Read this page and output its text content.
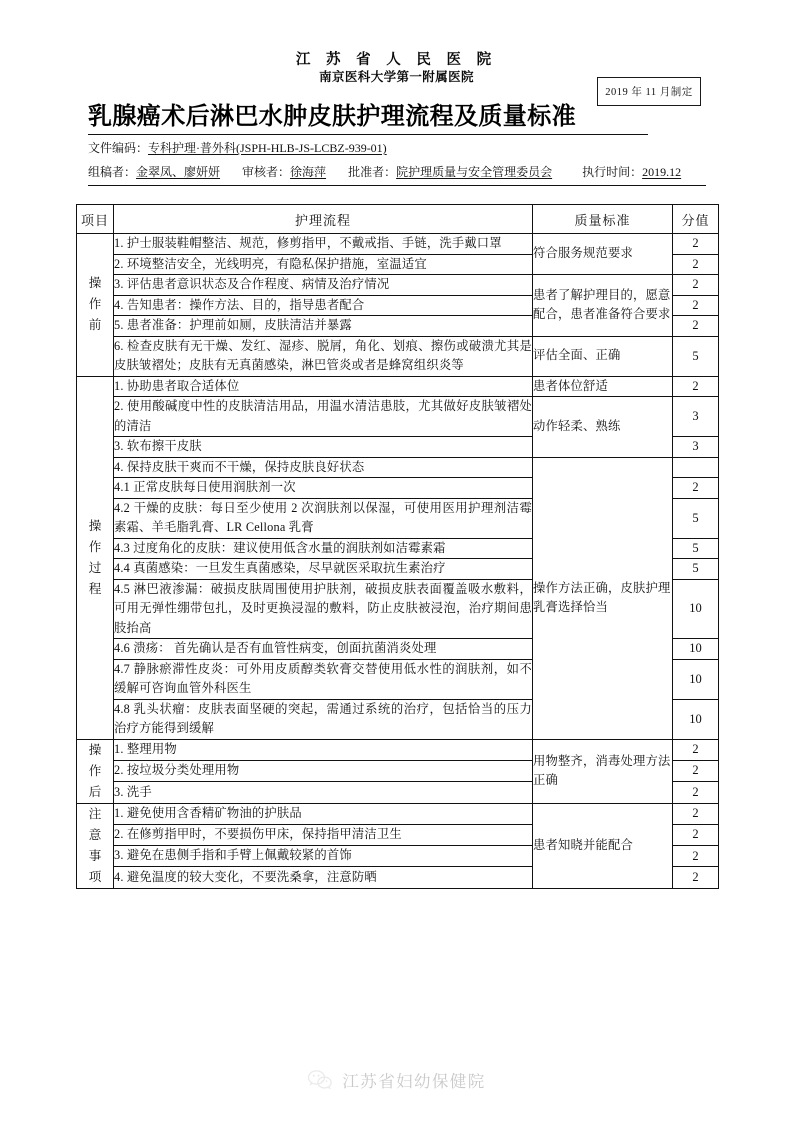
江 苏 省 人 民 医 院
南京医科大学第一附属医院
2019 年 11 月制定
乳腺癌术后淋巴水肿皮肤护理流程及质量标准
文件编码：专科护理·普外科(JSPH-HLB-JS-LCBZ-939-01)
组稿者：金翠凤、廖妍妍 审核者：徐海萍 批准者：院护理质量与安全管理委员会	执行时间：2019.12
项目	护理流程	质量标准	分值

操作前	1. 护士服装鞋帽整洁、规范，修剪指甲，不戴戒指、手链，洗手戴口罩	符合服务规范要求	2
	2. 环境整洁安全，光线明亮，有隐私保护措施，室温适宜		2
	3. 评估患者意识状态及合作程度、病情及治疗情况	患者了解护理目的，愿意配合，患者准备符合要求	2
	4. 告知患者：操作方法、目的，指导患者配合		2
	5. 患者准备：护理前如厕，皮肤清洁并暴露		2
	6. 检查皮肤有无干燥、发红、湿疹、脱屑，角化、划痕、擦伤或破溃尤其是皮肤皱褶处；皮肤有无真菌感染，淋巴管炎或者是蜂窝组织炎等	评估全面、正确	5

操作过程	1. 协助患者取合适体位	患者体位舒适	2
	2. 使用酸碱度中性的皮肤清洁用品，用温水清洁患肢，尤其做好皮肤皱褶处的清洁	动作轻柔、熟练	3
	3. 软布擦干皮肤		3
	4. 保持皮肤干爽而不干燥，保持皮肤良好状态	操作方法正确，皮肤护理乳膏选择恰当	
	4.1 正常皮肤每日使用润肤剂一次		2
	4.2 干燥的皮肤：每日至少使用 2 次润肤剂以保湿，可使用医用护理剂洁霉素霜、羊毛脂乳膏、LR Cellona 乳膏		5
	4.3 过度角化的皮肤：建议使用低含水量的润肤剂如洁霉素霜		5
	4.4 真菌感染：一旦发生真菌感染，尽早就医采取抗生素治疗		5
	4.5 淋巴液渗漏：破损皮肤周围使用护肤剂，破损皮肤表面覆盖吸水敷料，可用无弹性绷带包扎，及时更换浸湿的敷料，防止皮肤被浸泡，治疗期间患肢抬高		10
	4.6 溃疡： 首先确认是否有血管性病变，创面抗菌消炎处理		10
	4.7 静脉瘀滞性皮炎：可外用皮质醇类软膏交替使用低水性的润肤剂，如不缓解可咨询血管外科医生		10
	4.8 乳头状瘤：皮肤表面坚硬的突起，需通过系统的治疗，包括恰当的压力治疗方能得到缓解		10

操作后	1. 整理用物	用物整齐，消毒处理方法正确	2
	2. 按垃圾分类处理用物		2
	3. 洗手		2

注意事项	1. 避免使用含香精矿物油的护肤品	患者知晓并能配合	2
	2. 在修剪指甲时，不要损伤甲床，保持指甲清洁卫生		2
	3. 避免在患侧手指和手臂上佩戴较紧的首饰		2
	4. 避免温度的较大变化，不要洗桑拿，注意防晒		2
江苏省妇幼保健院
